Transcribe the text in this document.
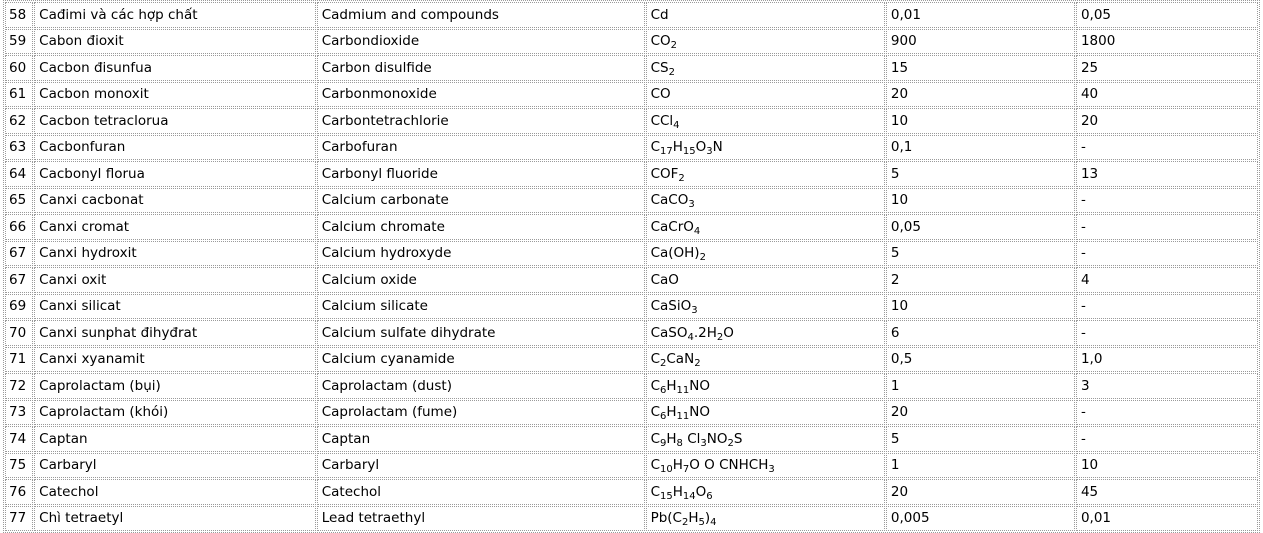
58	Cađimi và các hợp chất	Cadmium and compounds	Cd	0,01	0,05
59	Cabon đioxit	Carbondioxide	$CO_2$	900	1800
60	Cacbon đisunfua	Carbon disulfide	$CS_2$	15	25
61	Cacbon monoxit	Carbonmonoxide	CO	20	40
62	Cacbon tetraclorua	Carbontetrachlorie	CCl$_4$	10	20
63	Cacbonfuran	Carbofuran	$C_{17}H_{15}O_3N$	0,1	-
64	Cacbonyl florua	Carbonyl fluoride	$COF_2$	5	13
65	Canxi cacbonat	Calcium carbonate	CaCO$_3$	10	-
66	Canxi cromat	Calcium chromate	CaCrO$_4$	0,05	-
67	Canxi hydroxit	Calcium hydroxyde	$Ca(OH)_2$	5	-
67	Canxi oxit	Calcium oxide	CaO	2	4
69	Canxi silicat	Calcium silicate	CaSiO$_3$	10	-
70	Canxi sunphat đihyđrat	Calcium sulfate dihydrate	$CaSO_4.2H_2O$	6	-
71	Canxi xyanamit	Calcium cyanamide	$C_2CaN_2$	0,5	1,0
72	Caprolactam (bụi)	Caprolactam (dust)	$C_6H_{11}NO$	1	3
73	Caprolactam (khói)	Caprolactam (fume)	$C_6H_{11}NO$	20	-
74	Captan	Captan	$C_9H_8$ $Cl_3NO_2S$	5	-
75	Carbaryl	Carbaryl	$C_{10}H_7O$ O $CNHCH_3$	1	10
76	Catechol	Catechol	$C_{15}H_{14}O_6$	20	45
77	Chì tetraetyl	Lead tetraethyl	$Pb(C_2H_5)_4$	0,005	0,01
